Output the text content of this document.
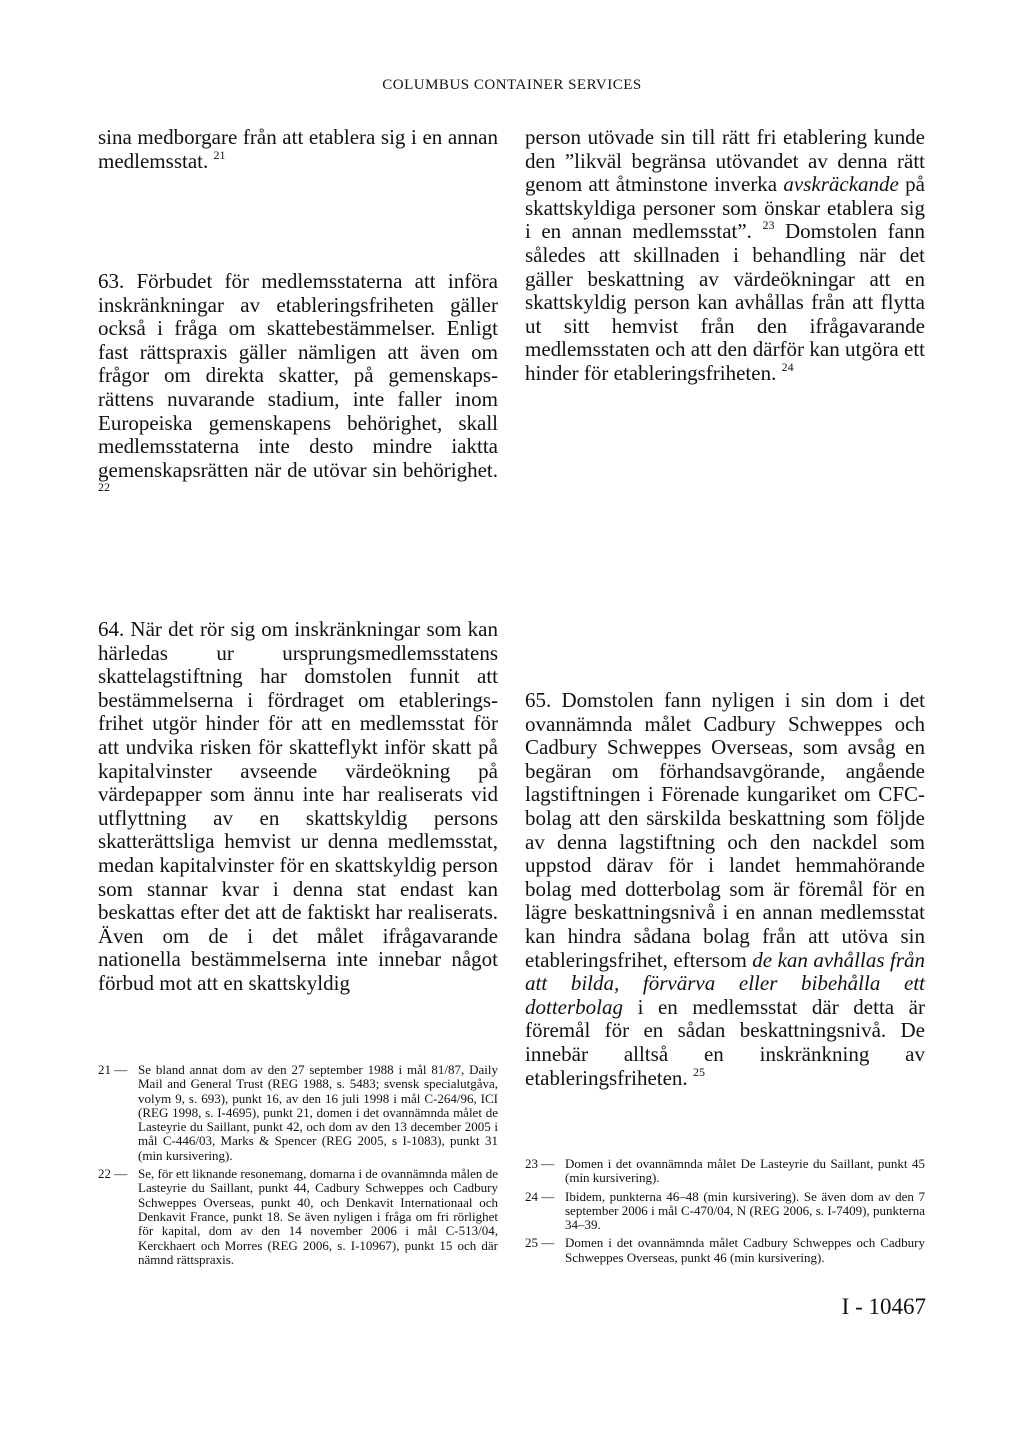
COLUMBUS CONTAINER SERVICES

sina medborgare från att etablera sig i en annan medlemsstat. $^{21}$

63. Förbudet för medlemsstaterna att införa inskränkningar av etableringsfriheten gäller också i fråga om skattebestämmelser. Enligt fast rättspraxis gäller nämligen att även om frågor om direkta skatter, på gemenskapsrättens nuvarande stadium, inte faller inom Europeiska gemenskapens behörighet, skall medlemsstaterna inte desto mindre iaktta gemenskapsrätten när de utövar sin behörighet. $^{22}$

64. När det rör sig om inskränkningar som kan härledas ur ursprungsmedlemsstatens skattelagstiftning har domstolen funnit att bestämmelserna i fördraget om etableringsfrihet utgör hinder för att en medlemsstat för att undvika risken för skatteflykt inför skatt på kapitalvinster avseende värdeökning på värdepapper som ännu inte har realiserats vid utflyttning av en skattskyldig persons skatterättsliga hemvist ur denna medlemsstat, medan kapitalvinster för en skattskyldig person som stannar kvar i denna stat endast kan beskattas efter det att de faktiskt har realiserats. Även om de i det målet ifrågavarande nationella bestämmelserna inte innebar något förbud mot att en skattskyldig

21 — Se bland annat dom av den 27 september 1988 i mål 81/87, Daily Mail and General Trust (REG 1988, s. 5483; svensk specialutgåva, volym 9, s. 693), punkt 16, av den 16 juli 1998 i mål C-264/96, ICI (REG 1998, s. I-4695), punkt 21, domen i det ovannämnda målet de Lasteyrie du Saillant, punkt 42, och dom av den 13 december 2005 i mål C-446/03, Marks & Spencer (REG 2005, s I-1083), punkt 31 (min kursivering).
22 — Se, för ett liknande resonemang, domarna i de ovannämnda målen de Lasteyrie du Saillant, punkt 44, Cadbury Schweppes och Cadbury Schweppes Overseas, punkt 40, och Denkavit Internationaal och Denkavit France, punkt 18. Se även nyligen i fråga om fri rörlighet för kapital, dom av den 14 november 2006 i mål C-513/04, Kerckhaert och Morres (REG 2006, s. I-10967), punkt 15 och där nämnd rättspraxis.

person utövade sin till rätt fri etablering kunde den ”likväl begränsa utövandet av denna rätt genom att åtminstone inverka avskräckande på skattskyldiga personer som önskar etablera sig i en annan medlemsstat”. $^{23}$ Domstolen fann således att skillnaden i behandling när det gäller beskattning av värdeökningar att en skattskyldig person kan avhållas från att flytta ut sitt hemvist från den ifrågavarande medlemsstaten och att den därför kan utgöra ett hinder för etableringsfriheten. $^{24}$

65. Domstolen fann nyligen i sin dom i det ovannämnda målet Cadbury Schweppes och Cadbury Schweppes Overseas, som avsåg en begäran om förhandsavgörande, angående lagstiftningen i Förenade kungariket om CFC-bolag att den särskilda beskattning som följde av denna lagstiftning och den nackdel som uppstod därav för i landet hemmahörande bolag med dotterbolag som är föremål för en lägre beskattningsnivå i en annan medlemsstat kan hindra sådana bolag från att utöva sin etableringsfrihet, eftersom de kan avhållas från att bilda, förvärva eller bibehålla ett dotterbolag i en medlemsstat där detta är föremål för en sådan beskattningsnivå. De innebär alltså en inskränkning av etableringsfriheten. $^{25}$

23 — Domen i det ovannämnda målet De Lasteyrie du Saillant, punkt 45 (min kursivering).
24 — Ibidem, punkterna 46–48 (min kursivering). Se även dom av den 7 september 2006 i mål C-470/04, N (REG 2006, s. I-7409), punkterna 34–39.
25 — Domen i det ovannämnda målet Cadbury Schweppes och Cadbury Schweppes Overseas, punkt 46 (min kursivering).
I - 10467
